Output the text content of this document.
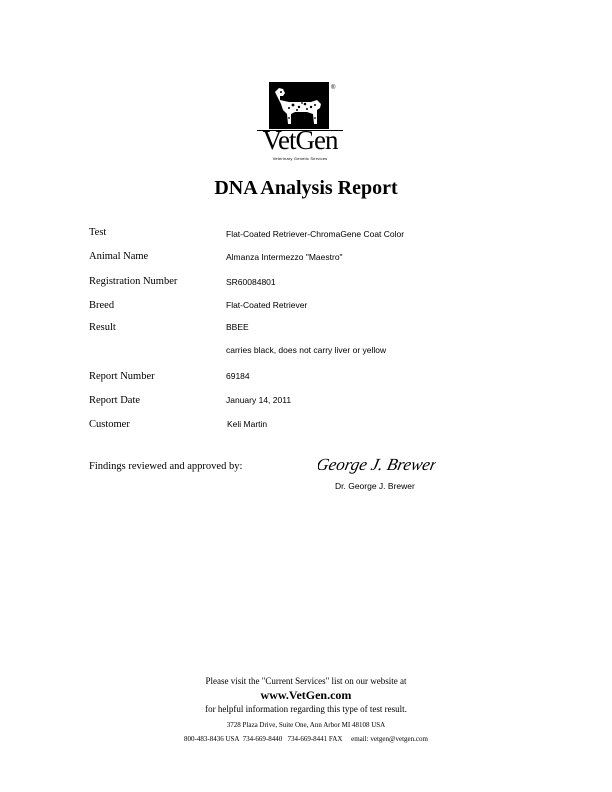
®
VetGen
Veterinary Genetic Services
DNA Analysis Report
Test	Flat-Coated Retriever-ChromaGene Coat Color
Animal Name	Almanza Intermezzo "Maestro"
Registration Number	SR60084801
Breed	Flat-Coated Retriever
Result	BBEE
carries black, does not carry liver or yellow
Report Number	69184
Report Date	January 14, 2011
Customer	Keli Martin
Findings reviewed and approved by:	George J. Brewer
Dr. George J. Brewer
Please visit the "Current Services" list on our website at
www.VetGen.com
for helpful information regarding this type of test result.
3728 Plaza Drive, Suite One, Ann Arbor MI 48108 USA
800-483-8436 USA  734-669-8440   734-669-8441 FAX     email: vetgen@vetgen.com
